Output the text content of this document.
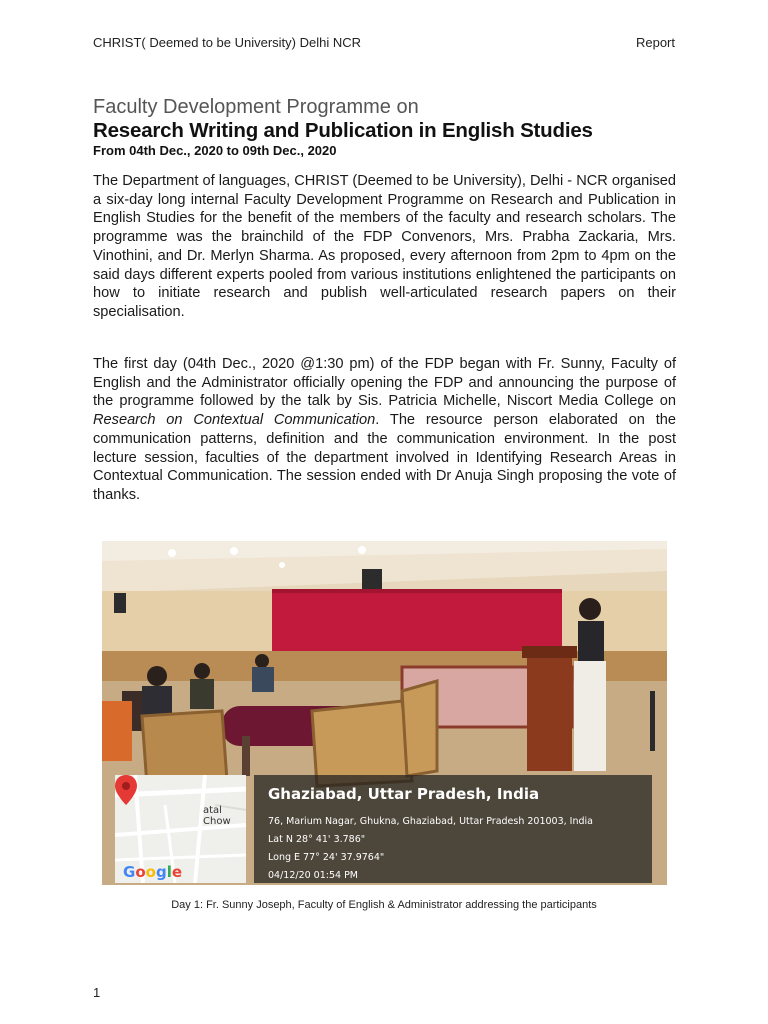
CHRIST( Deemed to be University) Delhi NCR	Report
Faculty Development Programme on
Research Writing and Publication in English Studies
From 04th Dec., 2020 to 09th Dec., 2020

The Department of languages, CHRIST (Deemed to be University), Delhi - NCR organised a six-day long internal Faculty Development Programme on Research and Publication in English Studies for the benefit of the members of the faculty and research scholars. The programme was the brainchild of the FDP Convenors, Mrs. Prabha Zackaria, Mrs. Vinothini, and Dr. Merlyn Sharma. As proposed, every afternoon from 2pm to 4pm on the said days different experts pooled from various institutions enlightened the participants on how to initiate research and publish well-articulated research papers on their specialisation.

The first day (04th Dec., 2020 @1:30 pm) of the FDP began with Fr. Sunny, Faculty of English and the Administrator officially opening the FDP and announcing the purpose of the programme followed by the talk by Sis. Patricia Michelle, Niscort Media College on Research on Contextual Communication. The resource person elaborated on the communication patterns, definition and the communication environment. In the post lecture session, faculties of the department involved in Identifying Research Areas in Contextual Communication. The session ended with Dr Anuja Singh proposing the vote of thanks.

atal Chow
Google
Ghaziabad, Uttar Pradesh, India
76, Marium Nagar, Ghukna, Ghaziabad, Uttar Pradesh 201003, India
Lat N 28° 41' 3.786"
Long E 77° 24' 37.9764"
04/12/20 01:54 PM
Day 1: Fr. Sunny Joseph, Faculty of English & Administrator addressing the participants
1
